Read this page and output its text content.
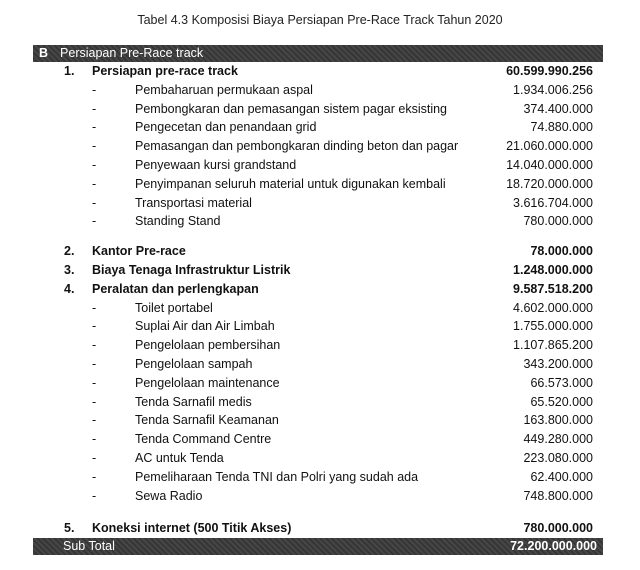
Tabel 4.3 Komposisi Biaya Persiapan Pre-Race Track Tahun 2020
B Persiapan Pre-Race track
1. Persiapan pre-race track	60.599.990.256
-	Pembaharuan permukaan aspal	1.934.006.256
-	Pembongkaran dan pemasangan sistem pagar eksisting	374.400.000
-	Pengecetan dan penandaan grid	74.880.000
-	Pemasangan dan pembongkaran dinding beton dan pagar	21.060.000.000
-	Penyewaan kursi grandstand	14.040.000.000
-	Penyimpanan seluruh material untuk digunakan kembali	18.720.000.000
-	Transportasi material	3.616.704.000
-	Standing Stand	780.000.000
2. Kantor Pre-race	78.000.000
3. Biaya Tenaga Infrastruktur Listrik	1.248.000.000
4. Peralatan dan perlengkapan	9.587.518.200
-	Toilet portabel	4.602.000.000
-	Suplai Air dan Air Limbah	1.755.000.000
-	Pengelolaan pembersihan	1.107.865.200
-	Pengelolaan sampah	343.200.000
-	Pengelolaan maintenance	66.573.000
-	Tenda Sarnafil medis	65.520.000
-	Tenda Sarnafil Keamanan	163.800.000
-	Tenda Command Centre	449.280.000
-	AC untuk Tenda	223.080.000
-	Pemeliharaan Tenda TNI dan Polri yang sudah ada	62.400.000
-	Sewa Radio	748.800.000
5. Koneksi internet (500 Titik Akses)	780.000.000
Sub Total	72.200.000.000
